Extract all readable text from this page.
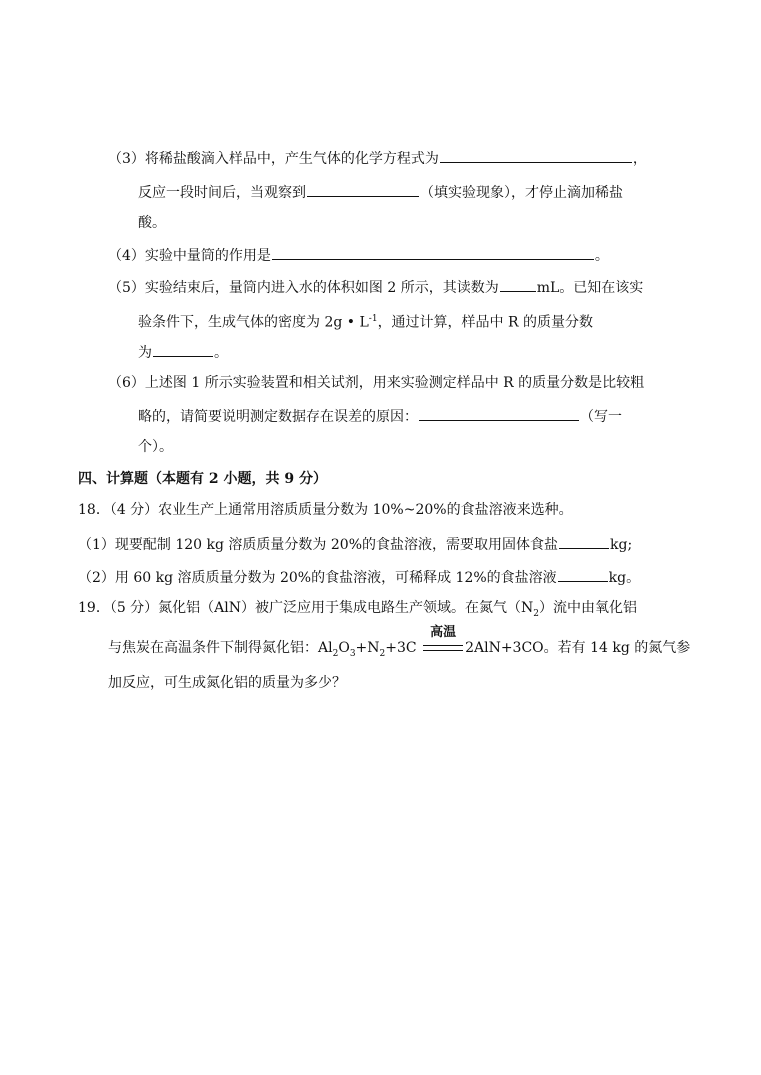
（3）将稀盐酸滴入样品中，产生气体的化学方程式为	，
反应一段时间后，当观察到	（填实验现象），才停止滴加稀盐
酸。
（4）实验中量筒的作用是	。
（5）实验结束后，量筒内进入水的体积如图 2 所示，其读数为	mL。已知在该实
验条件下，生成气体的密度为 2g • $L^{-1}$，通过计算，样品中 R 的质量分数
为	。
（6）上述图 1 所示实验装置和相关试剂，用来实验测定样品中 R 的质量分数是比较粗
略的，请简要说明测定数据存在误差的原因：	（写一
个）。
四、计算题（本题有 2 小题，共 9 分）
18．（4 分）农业生产上通常用溶质质量分数为 10%~20%的食盐溶液来选种。
（1）现要配制 120 kg 溶质质量分数为 20%的食盐溶液，需要取用固体食盐	kg;
（2）用 60 kg 溶质质量分数为 20%的食盐溶液，可稀释成 12%的食盐溶液	kg。
19．（5 分）氮化铝（AlN）被广泛应用于集成电路生产领域。在氮气$(N_2)$流中由氧化铝
与焦炭在高温条件下制得氮化铝：$Al_2O_3+N_2+3C$
高温
2AlN+3CO。若有 14 kg 的氮气参
加反应，可生成氮化铝的质量为多少？
